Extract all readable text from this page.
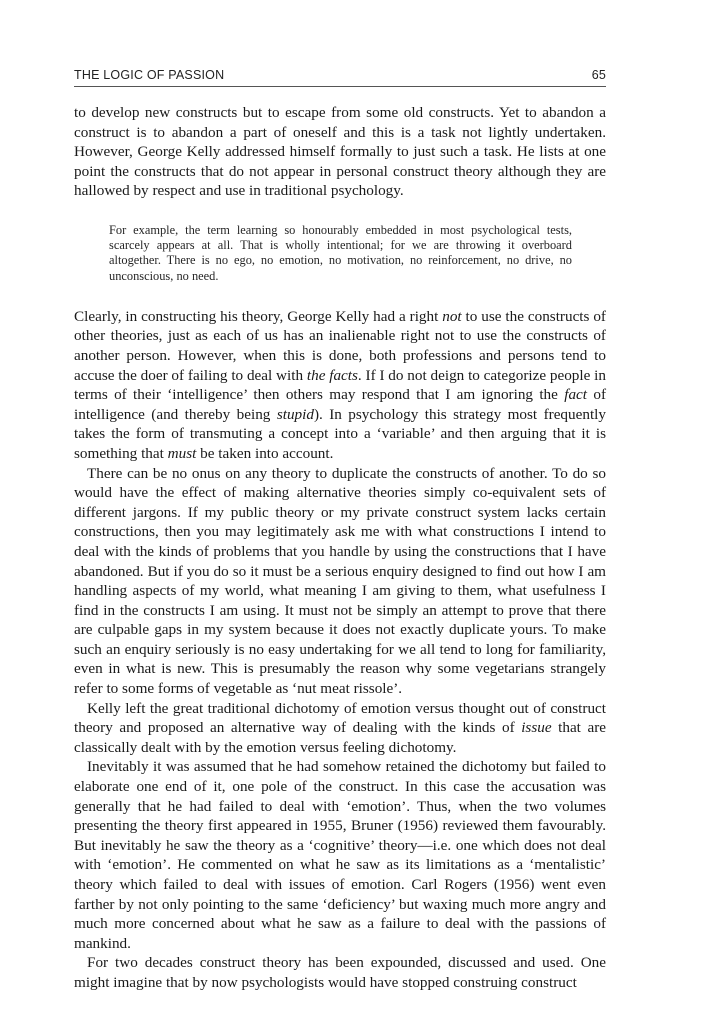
THE LOGIC OF PASSION	65

to develop new constructs but to escape from some old constructs. Yet to abandon a construct is to abandon a part of oneself and this is a task not lightly undertaken. However, George Kelly addressed himself formally to just such a task. He lists at one point the constructs that do not appear in personal construct theory although they are hallowed by respect and use in traditional psychology.

For example, the term learning so honourably embedded in most psychological tests, scarcely appears at all. That is wholly intentional; for we are throwing it overboard altogether. There is no ego, no emotion, no motivation, no reinforcement, no drive, no unconscious, no need.

Clearly, in constructing his theory, George Kelly had a right not to use the constructs of other theories, just as each of us has an inalienable right not to use the constructs of another person. However, when this is done, both professions and persons tend to accuse the doer of failing to deal with the facts. If I do not deign to categorize people in terms of their ‘intelligence’ then others may respond that I am ignoring the fact of intelligence (and thereby being stupid). In psychology this strategy most frequently takes the form of transmuting a concept into a ‘variable’ and then arguing that it is something that must be taken into account.

There can be no onus on any theory to duplicate the constructs of another. To do so would have the effect of making alternative theories simply co-equivalent sets of different jargons. If my public theory or my private construct system lacks certain constructions, then you may legitimately ask me with what constructions I intend to deal with the kinds of problems that you handle by using the constructions that I have abandoned. But if you do so it must be a serious enquiry designed to find out how I am handling aspects of my world, what meaning I am giving to them, what usefulness I find in the constructs I am using. It must not be simply an attempt to prove that there are culpable gaps in my system because it does not exactly duplicate yours. To make such an enquiry seriously is no easy undertaking for we all tend to long for familiarity, even in what is new. This is presumably the reason why some vegetarians strangely refer to some forms of vegetable as ‘nut meat rissole’.

Kelly left the great traditional dichotomy of emotion versus thought out of construct theory and proposed an alternative way of dealing with the kinds of issue that are classically dealt with by the emotion versus feeling dichotomy.

Inevitably it was assumed that he had somehow retained the dichotomy but failed to elaborate one end of it, one pole of the construct. In this case the accusation was generally that he had failed to deal with ‘emotion’. Thus, when the two volumes presenting the theory first appeared in 1955, Bruner (1956) reviewed them favourably. But inevitably he saw the theory as a ‘cognitive’ theory—i.e. one which does not deal with ‘emotion’. He commented on what he saw as its limitations as a ‘mentalistic’ theory which failed to deal with issues of emotion. Carl Rogers (1956) went even farther by not only pointing to the same ‘deficiency’ but waxing much more angry and much more concerned about what he saw as a failure to deal with the passions of mankind.

For two decades construct theory has been expounded, discussed and used. One might imagine that by now psychologists would have stopped construing construct
